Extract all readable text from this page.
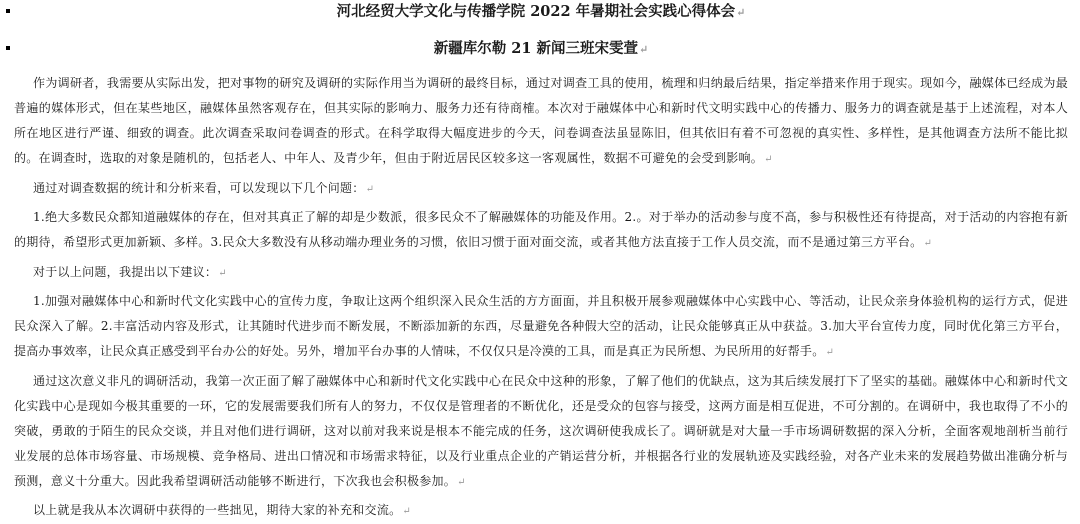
河北经贸大学文化与传播学院 2022 年暑期社会实践心得体会↵
新疆库尔勒 21 新闻三班宋雯萱↵

作为调研者，我需要从实际出发，把对事物的研究及调研的实际作用当为调研的最终目标，通过对调查工具的使用，梳理和归纳最后结果，指定举措来作用于现实。现如今，融媒体已经成为最普遍的媒体形式，但在某些地区，融媒体虽然客观存在，但其实际的影响力、服务力还有待商榷。本次对于融媒体中心和新时代文明实践中心的传播力、服务力的调查就是基于上述流程，对本人所在地区进行严谨、细致的调查。此次调查采取问卷调查的形式。在科学取得大幅度进步的今天，问卷调查法虽显陈旧，但其依旧有着不可忽视的真实性、多样性，是其他调查方法所不能比拟的。在调查时，选取的对象是随机的，包括老人、中年人、及青少年，但由于附近居民区较多这一客观属性，数据不可避免的会受到影响。↵

通过对调查数据的统计和分析来看，可以发现以下几个问题：↵

1.绝大多数民众都知道融媒体的存在，但对其真正了解的却是少数派，很多民众不了解融媒体的功能及作用。2.。对于举办的活动参与度不高，参与积极性还有待提高，对于活动的内容抱有新的期待，希望形式更加新颖、多样。3.民众大多数没有从移动端办理业务的习惯，依旧习惯于面对面交流，或者其他方法直接于工作人员交流，而不是通过第三方平台。↵

对于以上问题，我提出以下建议：↵

1.加强对融媒体中心和新时代文化实践中心的宣传力度，争取让这两个组织深入民众生活的方方面面，并且积极开展参观融媒体中心实践中心、等活动，让民众亲身体验机构的运行方式，促进民众深入了解。2.丰富活动内容及形式，让其随时代进步而不断发展，不断添加新的东西，尽量避免各种假大空的活动，让民众能够真正从中获益。3.加大平台宣传力度，同时优化第三方平台，提高办事效率，让民众真正感受到平台办公的好处。另外，增加平台办事的人情味，不仅仅只是冷漠的工具，而是真正为民所想、为民所用的好帮手。↵

通过这次意义非凡的调研活动，我第一次正面了解了融媒体中心和新时代文化实践中心在民众中这种的形象，了解了他们的优缺点，这为其后续发展打下了坚实的基础。融媒体中心和新时代文化实践中心是现如今极其重要的一环，它的发展需要我们所有人的努力，不仅仅是管理者的不断优化，还是受众的包容与接受，这两方面是相互促进，不可分割的。在调研中，我也取得了不小的突破，勇敢的于陌生的民众交谈，并且对他们进行调研，这对以前对我来说是根本不能完成的任务，这次调研使我成长了。调研就是对大量一手市场调研数据的深入分析，全面客观地剖析当前行业发展的总体市场容量、市场规模、竞争格局、进出口情况和市场需求特征，以及行业重点企业的产销运营分析，并根据各行业的发展轨迹及实践经验，对各产业未来的发展趋势做出准确分析与预测，意义十分重大。因此我希望调研活动能够不断进行，下次我也会积极参加。↵

以上就是我从本次调研中获得的一些拙见，期待大家的补充和交流。↵
